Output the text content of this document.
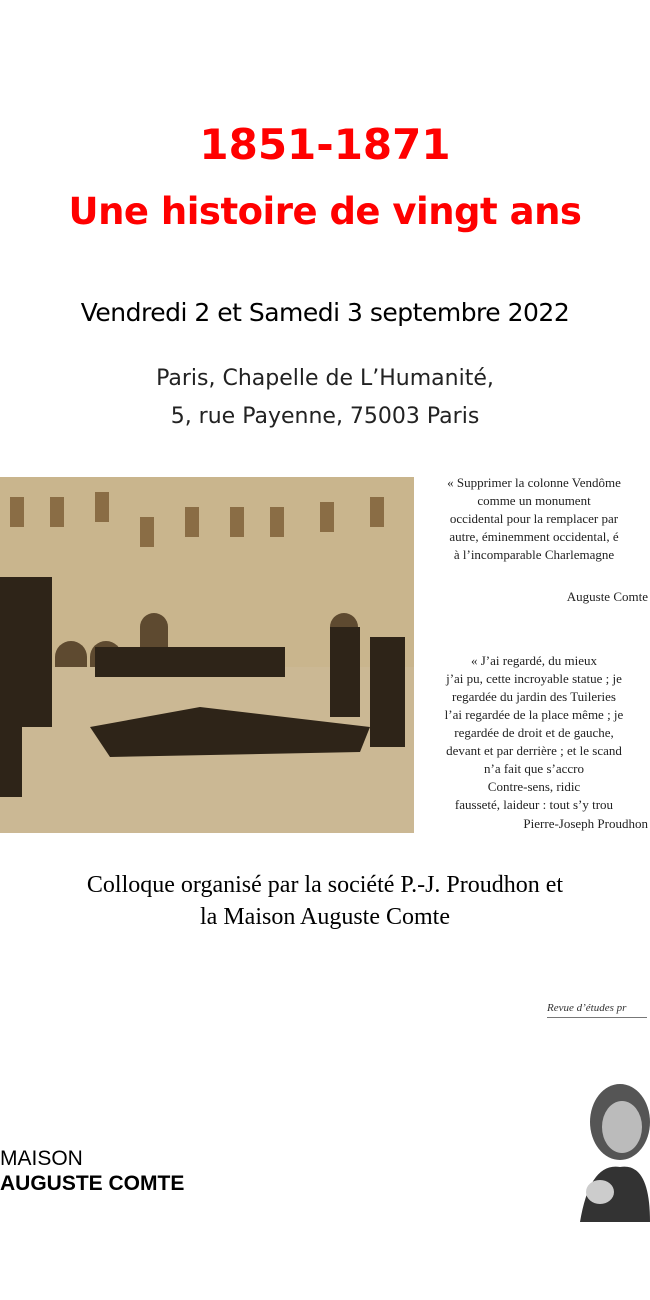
1851-1871
Une histoire de vingt ans
Vendredi 2 et Samedi 3 septembre 2022
Paris, Chapelle de L’Humanité,
5, rue Payenne, 75003 Paris
« Supprimer la colonne Vendôme
comme un monument
occidental pour la remplacer par
autre, éminemment occidental, é
à l’incomparable Charlemagne
Auguste Comte
« J’ai regardé, du mieux
j’ai pu, cette incroyable statue ; je
regardée du jardin des Tuileries
l’ai regardée de la place même ; je
regardée de droit et de gauche,
devant et par derrière ; et le scand
n’a fait que s’accro
Contre-sens, ridic
fausseté, laideur : tout s’y trou
Pierre-Joseph Proudhon
Colloque organisé par la société P.-J. Proudhon et
la Maison Auguste Comte
Revue d’études pr
MAISON
AUGUSTE COMTE
